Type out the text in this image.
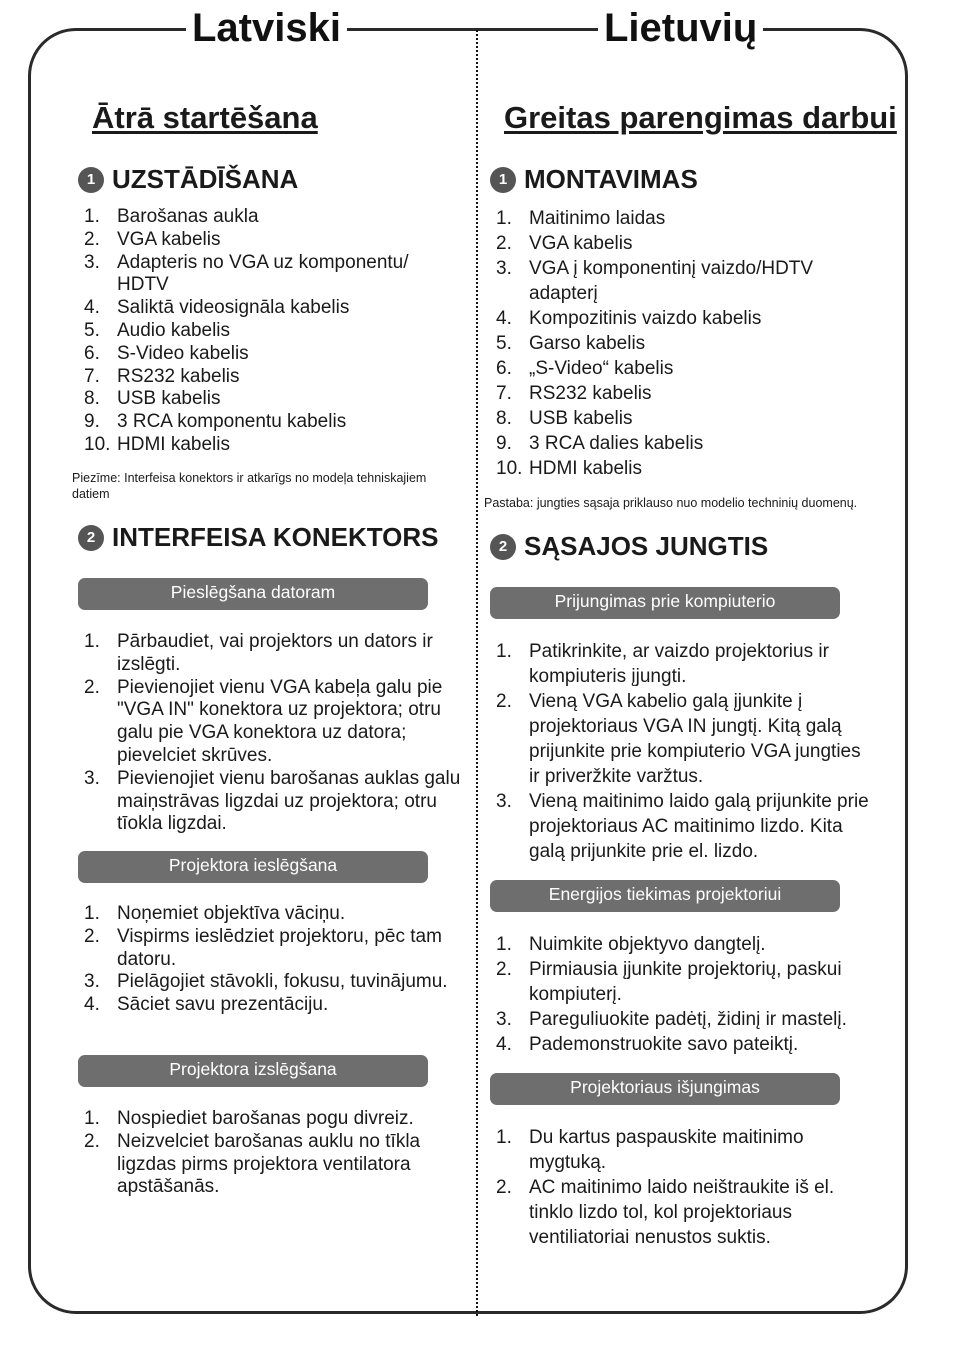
Latviski	Lietuvių
Ātrā startēšana
1 UZSTĀDĪŠANA
1. Barošanas aukla
2. VGA kabelis
3. Adapteris no VGA uz komponentu/ HDTV
4. Saliktā videosignāla kabelis
5. Audio kabelis
6. S-Video kabelis
7. RS232 kabelis
8. USB kabelis
9. 3 RCA komponentu kabelis
10. HDMI kabelis
Piezīme: Interfeisa konektors ir atkarīgs no modeļa tehniskajiem datiem
2 INTERFEISA KONEKTORS
Pieslēgšana datoram
1. Pārbaudiet, vai projektors un dators ir izslēgti.
2. Pievienojiet vienu VGA kabeļa galu pie "VGA IN" konektora uz projektora; otru galu pie VGA konektora uz datora; pievelciet skrūves.
3. Pievienojiet vienu barošanas auklas galu maiņstrāvas ligzdai uz projektora; otru tīokla ligzdai.
Projektora ieslēgšana
1. Noņemiet objektīva vāciņu.
2. Vispirms ieslēdziet projektoru, pēc tam datoru.
3. Pielāgojiet stāvokli, fokusu, tuvinājumu.
4. Sāciet savu prezentāciju.
Projektora izslēgšana
1. Nospiediet barošanas pogu divreiz.
2. Neizvelciet barošanas auklu no tīkla ligzdas pirms projektora ventilatora apstāšanās.
Greitas parengimas darbui
1 MONTAVIMAS
1. Maitinimo laidas
2. VGA kabelis
3. VGA į komponentinį vaizdo/HDTV adapterį
4. Kompozitinis vaizdo kabelis
5. Garso kabelis
6. „S-Video“ kabelis
7. RS232 kabelis
8. USB kabelis
9. 3 RCA dalies kabelis
10. HDMI kabelis
Pastaba: jungties sąsaja priklauso nuo modelio techninių duomenų.
2 SĄSAJOS JUNGTIS
Prijungimas prie kompiuterio
1. Patikrinkite, ar vaizdo projektorius ir kompiuteris įjungti.
2. Vieną VGA kabelio galą įjunkite į projektoriaus VGA IN jungtį. Kitą galą prijunkite prie kompiuterio VGA jungties ir priveržkite varžtus.
3. Vieną maitinimo laido galą prijunkite prie projektoriaus AC maitinimo lizdo. Kita galą prijunkite prie el. lizdo.
Energijos tiekimas projektoriui
1. Nuimkite objektyvo dangtelį.
2. Pirmiausia įjunkite projektorių, paskui kompiuterį.
3. Pareguliuokite padėtį, židinį ir mastelį.
4. Pademonstruokite savo pateiktį.
Projektoriaus išjungimas
1. Du kartus paspauskite maitinimo mygtuką.
2. AC maitinimo laido neištraukite iš el. tinklo lizdo tol, kol projektoriaus ventiliatoriai nenustos suktis.
